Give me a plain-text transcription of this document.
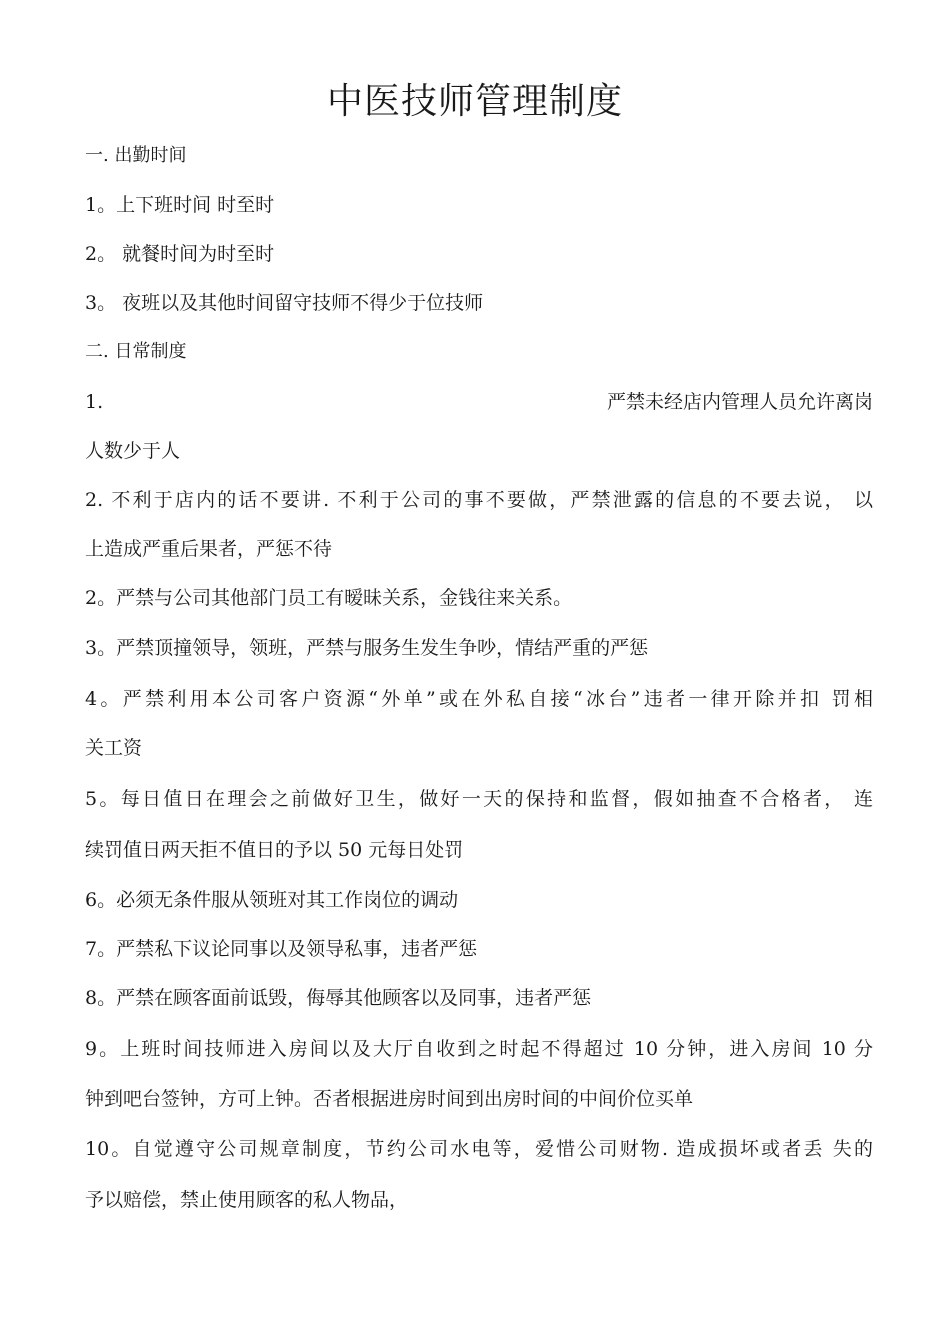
中医技师管理制度
一. 出勤时间
1。上下班时间 时至时
2。 就餐时间为时至时
3。 夜班以及其他时间留守技师不得少于位技师
二. 日常制度
1.	严禁未经店内管理人员允许离岗
人数少于人
2. 不利于店内的话不要讲. 不利于公司的事不要做，严禁泄露的信息的不要去说， 以
上造成严重后果者，严惩不待
2。严禁与公司其他部门员工有暧昧关系，金钱往来关系。
3。严禁顶撞领导，领班，严禁与服务生发生争吵，情结严重的严惩
4。严禁利用本公司客户资源“外单”或在外私自接“冰台”违者一律开除并扣 罚相
关工资
5。每日值日在理会之前做好卫生，做好一天的保持和监督，假如抽查不合格者， 连
续罚值日两天拒不值日的予以 50 元每日处罚
6。必须无条件服从领班对其工作岗位的调动
7。严禁私下议论同事以及领导私事，违者严惩
8。严禁在顾客面前诋毁，侮辱其他顾客以及同事，违者严惩
9。上班时间技师进入房间以及大厅自收到之时起不得超过 10 分钟，进入房间 10 分
钟到吧台签钟，方可上钟。否者根据进房时间到出房时间的中间价位买单
10。自觉遵守公司规章制度，节约公司水电等，爱惜公司财物. 造成损坏或者丢 失的
予以赔偿，禁止使用顾客的私人物品，
